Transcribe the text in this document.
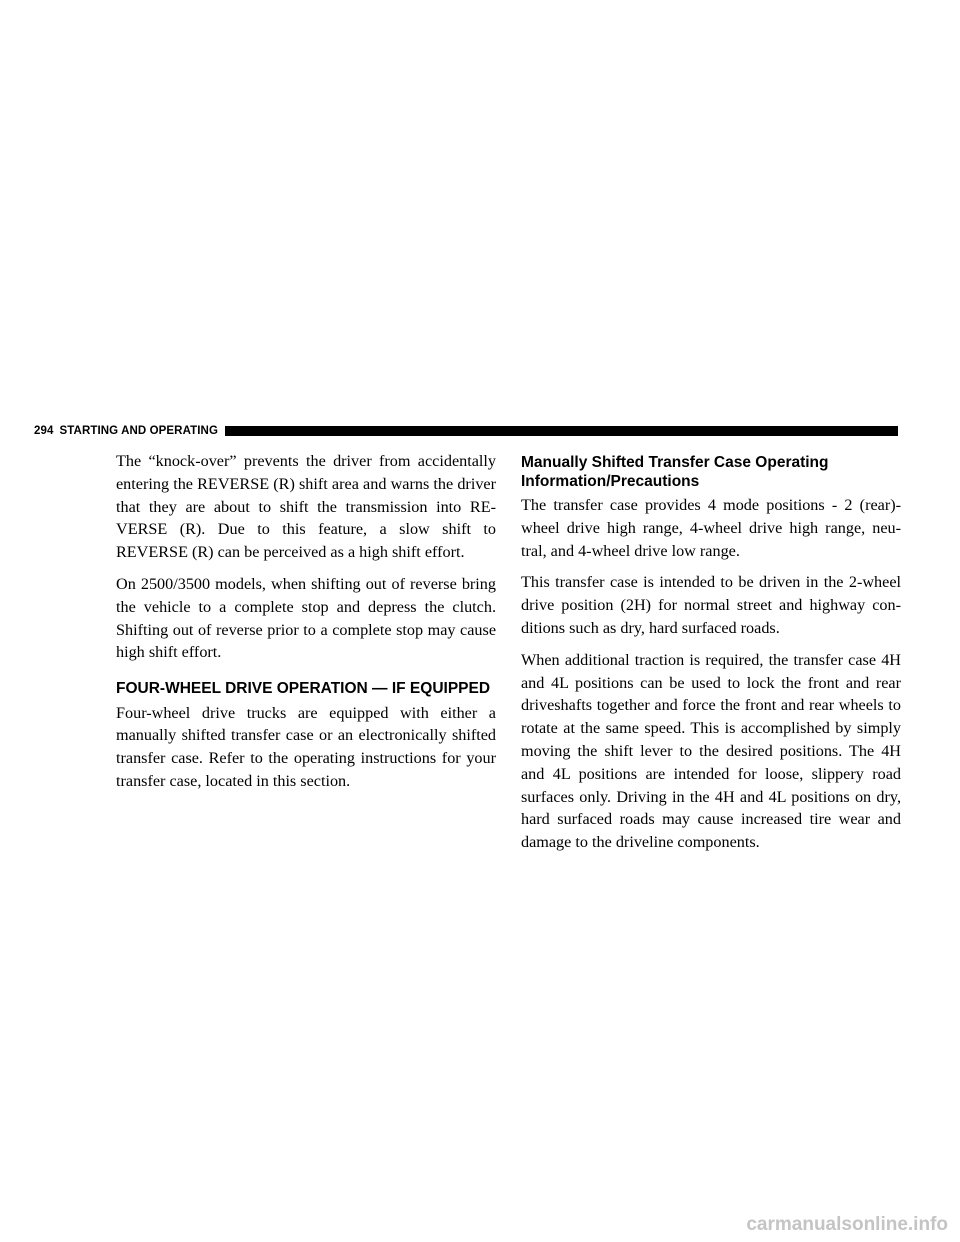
294 STARTING AND OPERATING

The “knock-over” prevents the driver from accidentally entering the REVERSE (R) shift area and warns the driver that they are about to shift the transmission into RE- VERSE (R). Due to this feature, a slow shift to REVERSE (R) can be perceived as a high shift effort.

On 2500/3500 models, when shifting out of reverse bring the vehicle to a complete stop and depress the clutch. Shifting out of reverse prior to a complete stop may cause high shift effort.

FOUR-WHEEL DRIVE OPERATION — IF EQUIPPED

Four-wheel drive trucks are equipped with either a manually shifted transfer case or an electronically shifted transfer case. Refer to the operating instructions for your transfer case, located in this section.

Manually Shifted Transfer Case Operating Information/Precautions

The transfer case provides 4 mode positions - 2 (rear)- wheel drive high range, 4-wheel drive high range, neu- tral, and 4-wheel drive low range.

This transfer case is intended to be driven in the 2-wheel drive position (2H) for normal street and highway con- ditions such as dry, hard surfaced roads.

When additional traction is required, the transfer case 4H and 4L positions can be used to lock the front and rear driveshafts together and force the front and rear wheels to rotate at the same speed. This is accomplished by simply moving the shift lever to the desired positions. The 4H and 4L positions are intended for loose, slippery road surfaces only. Driving in the 4H and 4L positions on dry, hard surfaced roads may cause increased tire wear and damage to the driveline components.

carmanualsonline.info
